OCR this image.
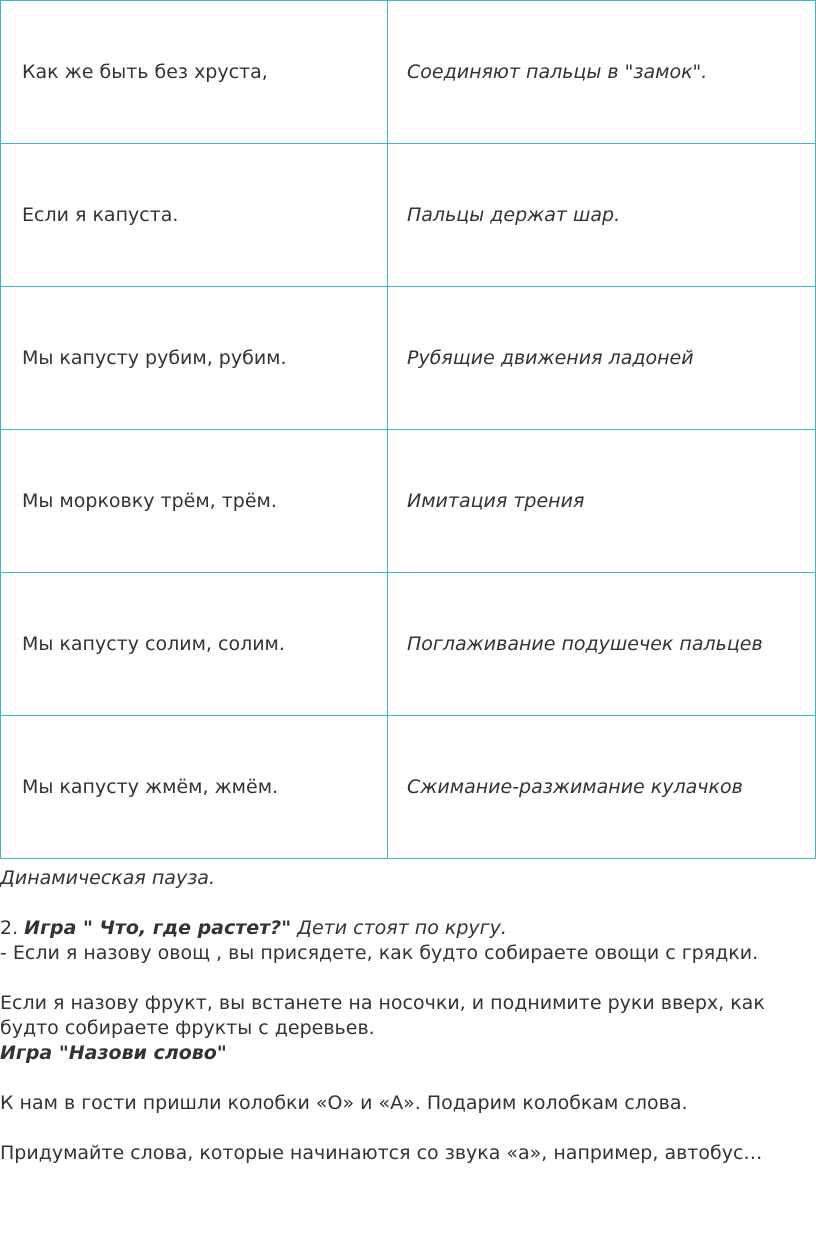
Как же быть без хруста,	Соединяют пальцы в "замок".
Если я капуста.	Пальцы держат шар.
Мы капусту рубим, рубим.	Рубящие движения ладоней
Мы морковку трём, трём.	Имитация трения
Мы капусту солим, солим.	Поглаживание подушечек пальцев
Мы капусту жмём, жмём.	Сжимание-разжимание кулачков

Динамическая пауза.

2. Игра " Что, где растет?" Дети стоят по кругу.

- Если я назову овощ , вы присядете, как будто собираете овощи с грядки.

Если я назову фрукт, вы встанете на носочки, и поднимите руки вверх, как будто собираете фрукты с деревьев.

Игра "Назови слово"

К нам в гости пришли колобки «О» и «А». Подарим колобкам слова.

Придумайте слова, которые начинаются со звука «а», например, автобус…
